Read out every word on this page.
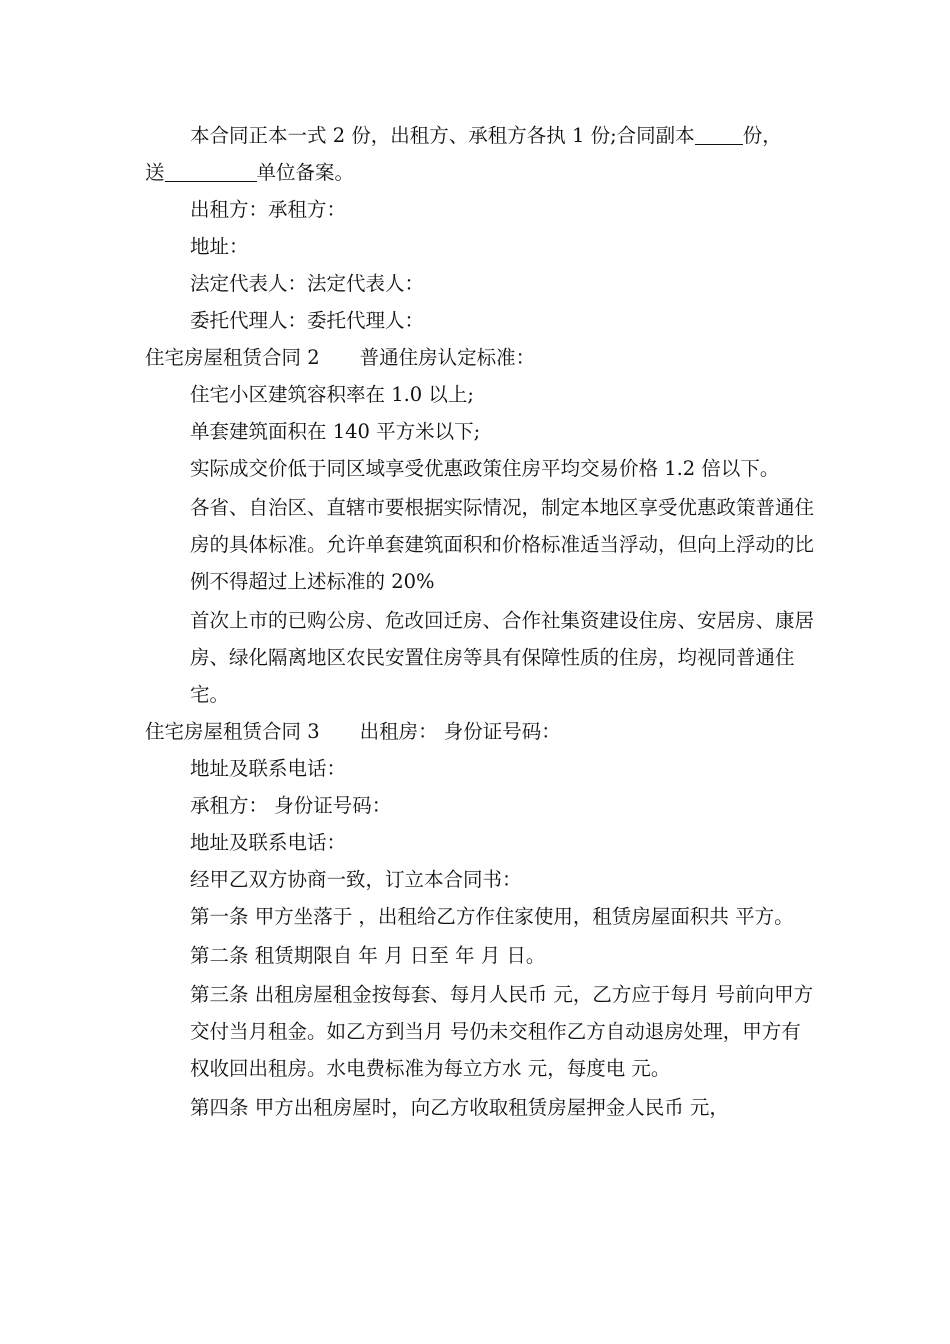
本合同正本一式 2 份，出租方、承租方各执 1 份;合同副本 份，

送	单位备案。

出租方：承租方：

地址：

法定代表人：法定代表人：

委托代理人：委托代理人：

住宅房屋租赁合同 2 普通住房认定标准：

住宅小区建筑容积率在 1.0 以上;

单套建筑面积在 140 平方米以下;

实际成交价低于同区域享受优惠政策住房平均交易价格 1.2 倍以下。

各省、自治区、直辖市要根据实际情况，制定本地区享受优惠政策普通住房的具体标准。允许单套建筑面积和价格标准适当浮动，但向上浮动的比例不得超过上述标准的 20%

首次上市的已购公房、危改回迁房、合作社集资建设住房、安居房、康居房、绿化隔离地区农民安置住房等具有保障性质的住房，均视同普通住宅。

住宅房屋租赁合同 3 出租房： 身份证号码：

地址及联系电话：

承租方： 身份证号码：

地址及联系电话：

经甲乙双方协商一致，订立本合同书：

第一条 甲方坐落于 ，出租给乙方作住家使用，租赁房屋面积共 平方。

第二条 租赁期限自 年 月 日至 年 月 日。

第三条 出租房屋租金按每套、每月人民币 元，乙方应于每月 号前向甲方交付当月租金。如乙方到当月 号仍未交租作乙方自动退房处理，甲方有权收回出租房。水电费标准为每立方水 元，每度电 元。

第四条 甲方出租房屋时，向乙方收取租赁房屋押金人民币 元，
